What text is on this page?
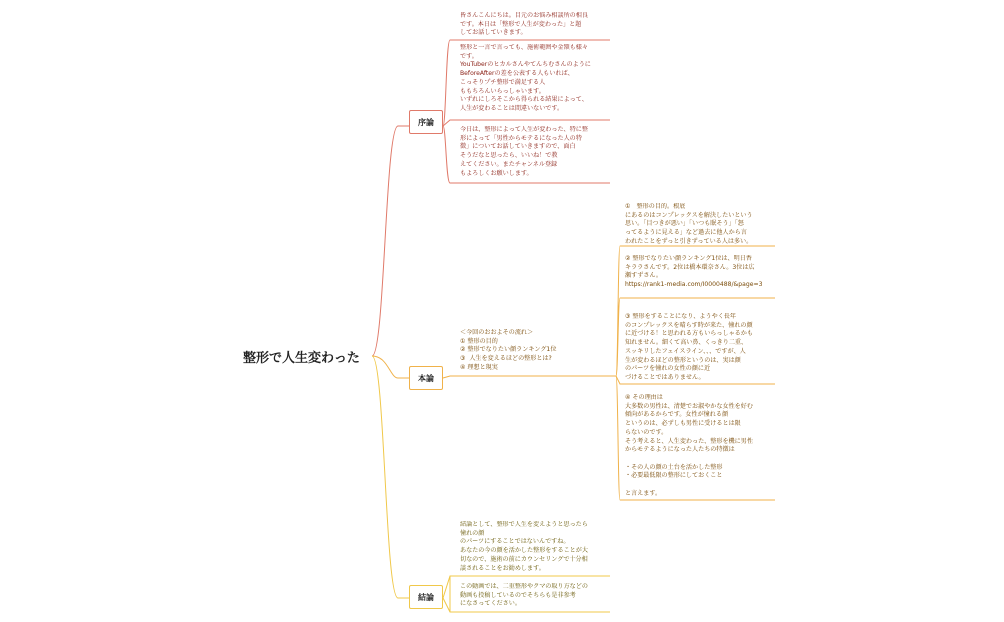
整形で人生変わった
序論
本論
結論
皆さんこんにちは。目元のお悩み相談所の相良
です。本日は「整形で人生が変わった」と題
してお話していきます。
整形と一言で言っても、施術範囲や金額も様々
です。
YouTuberのヒカルさんやてんちむさんのように
BeforeAfterの差を公表する人もいれば、
こっそりプチ整形で満足する人
ももちろんいらっしゃいます。
いずれにしろそこから得られる結果によって、
人生が変わることは間違いないです。
今日は、整形によって人生が変わった、特に整
形によって「男性からモテるになった人の特
徴」についてお話していきますので、面白
そうだなと思ったら、いいね！で教
えてください。またチャンネル登録
もよろしくお願いします。
＜今回のおおよその流れ＞
① 整形の目的
② 整形でなりたい顔ランキング1位
③  人生を変えるほどの整形とは?
④ 理想と現実
①　整形の目的。根底
にあるのはコンプレックスを解決したいという
思い。「目つきが悪い」「いつも眠そう」「怒
ってるように見える」など過去に他人から言
われたことをずっと引きずっている人は多い。
② 整形でなりたい顔ランキング1位は、明日香
キララさんです。2位は橋本環奈さん。3位は広
瀬すずさん。
https://rank1-media.com/I0000488/&page=3
③ 整形をすることになり、ようやく長年
のコンプレックスを晴らす時が来た、憧れの顔
に近づける！と思われる方もいらっしゃるかも
知れません。細くて高い鼻、くっきり二重、
スッキリしたフェイスライン、、、ですが、人
生が変わるほどの整形というのは、実は顔
のパーツを憧れの女性の顔に近
づけることではありません。
④ その理由は
大多数の男性は、清楚でお淑やかな女性を好む
傾向があるからです。女性が憧れる顔
というのは、必ずしも男性に受けるとは限
らないのです。
そう考えると、人生変わった、整形を機に男性
からモテるようになった人たちの特徴は

・その人の顔の土台を活かした整形
・必要最低限の整形にしておくこと

と言えます。
結論として、整形で人生を変えようと思ったら
憧れの顔
のパーツにすることではないんですね。
あなたの今の顔を活かした整形をすることが大
切なので、施術の前にカウンセリングで十分相
談されることをお勧めします。
この動画では、二重整形やクマの取り方などの
動画も投稿しているのでそちらも是非参考
になさってください。
